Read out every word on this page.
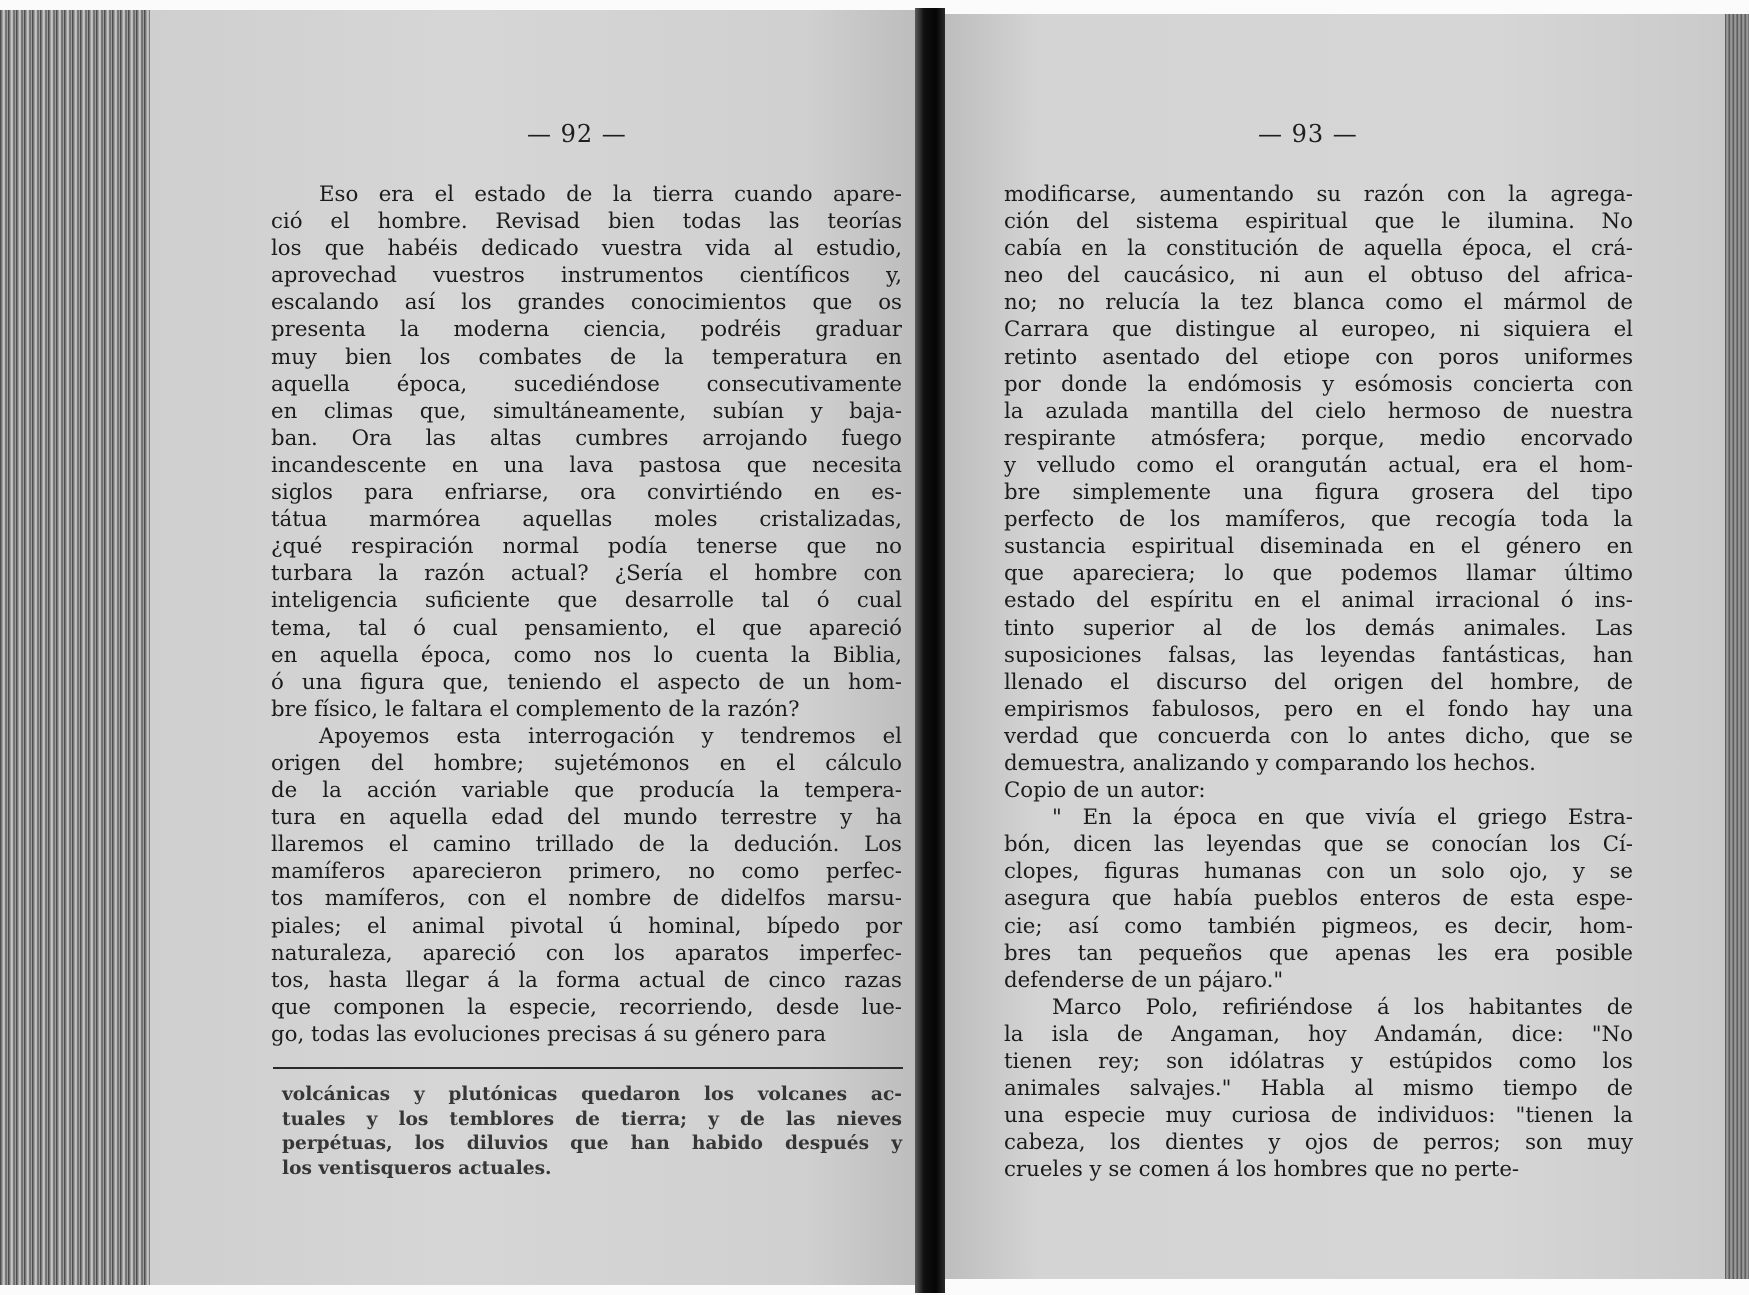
— 92 —	— 93 —
Eso era el estado de la tierra cuando apare-
ció el hombre. Revisad bien todas las teorías
los que habéis dedicado vuestra vida al estudio,
aprovechad vuestros instrumentos científicos y,
escalando así los grandes conocimientos que os
presenta la moderna ciencia, podréis graduar
muy bien los combates de la temperatura en
aquella época, sucediéndose consecutivamente
en climas que, simultáneamente, subían y baja-
ban. Ora las altas cumbres arrojando fuego
incandescente en una lava pastosa que necesita
siglos para enfriarse, ora convirtiéndo en es-
tátua marmórea aquellas moles cristalizadas,
¿qué respiración normal podía tenerse que no
turbara la razón actual? ¿Sería el hombre con
inteligencia suficiente que desarrolle tal ó cual
tema, tal ó cual pensamiento, el que apareció
en aquella época, como nos lo cuenta la Biblia,
ó una figura que, teniendo el aspecto de un hom-
bre físico, le faltara el complemento de la razón?
Apoyemos esta interrogación y tendremos el
origen del hombre; sujetémonos en el cálculo
de la acción variable que producía la tempera-
tura en aquella edad del mundo terrestre y ha
llaremos el camino trillado de la dedución. Los
mamíferos aparecieron primero, no como perfec-
tos mamíferos, con el nombre de didelfos marsu-
piales; el animal pivotal ú hominal, bípedo por
naturaleza, apareció con los aparatos imperfec-
tos, hasta llegar á la forma actual de cinco razas
que componen la especie, recorriendo, desde lue-
go, todas las evoluciones precisas á su género para
volcánicas y plutónicas quedaron los volcanes ac-
tuales y los temblores de tierra; y de las nieves
perpétuas, los diluvios que han habido después y
los ventisqueros actuales.
modificarse, aumentando su razón con la agrega-
ción del sistema espiritual que le ilumina. No
cabía en la constitución de aquella época, el crá-
neo del caucásico, ni aun el obtuso del africa-
no; no relucía la tez blanca como el mármol de
Carrara que distingue al europeo, ni siquiera el
retinto asentado del etiope con poros uniformes
por donde la endómosis y esómosis concierta con
la azulada mantilla del cielo hermoso de nuestra
respirante atmósfera; porque, medio encorvado
y velludo como el orangután actual, era el hom-
bre simplemente una figura grosera del tipo
perfecto de los mamíferos, que recogía toda la
sustancia espiritual diseminada en el género en
que apareciera; lo que podemos llamar último
estado del espíritu en el animal irracional ó ins-
tinto superior al de los demás animales. Las
suposiciones falsas, las leyendas fantásticas, han
llenado el discurso del origen del hombre, de
empirismos fabulosos, pero en el fondo hay una
verdad que concuerda con lo antes dicho, que se
demuestra, analizando y comparando los hechos.
Copio de un autor:
" En la época en que vivía el griego Estra-
bón, dicen las leyendas que se conocían los Cí-
clopes, figuras humanas con un solo ojo, y se
asegura que había pueblos enteros de esta espe-
cie; así como también pigmeos, es decir, hom-
bres tan pequeños que apenas les era posible
defenderse de un pájaro."
Marco Polo, refiriéndose á los habitantes de
la isla de Angaman, hoy Andamán, dice: "No
tienen rey; son idólatras y estúpidos como los
animales salvajes." Habla al mismo tiempo de
una especie muy curiosa de individuos: "tienen la
cabeza, los dientes y ojos de perros; son muy
crueles y se comen á los hombres que no perte-
